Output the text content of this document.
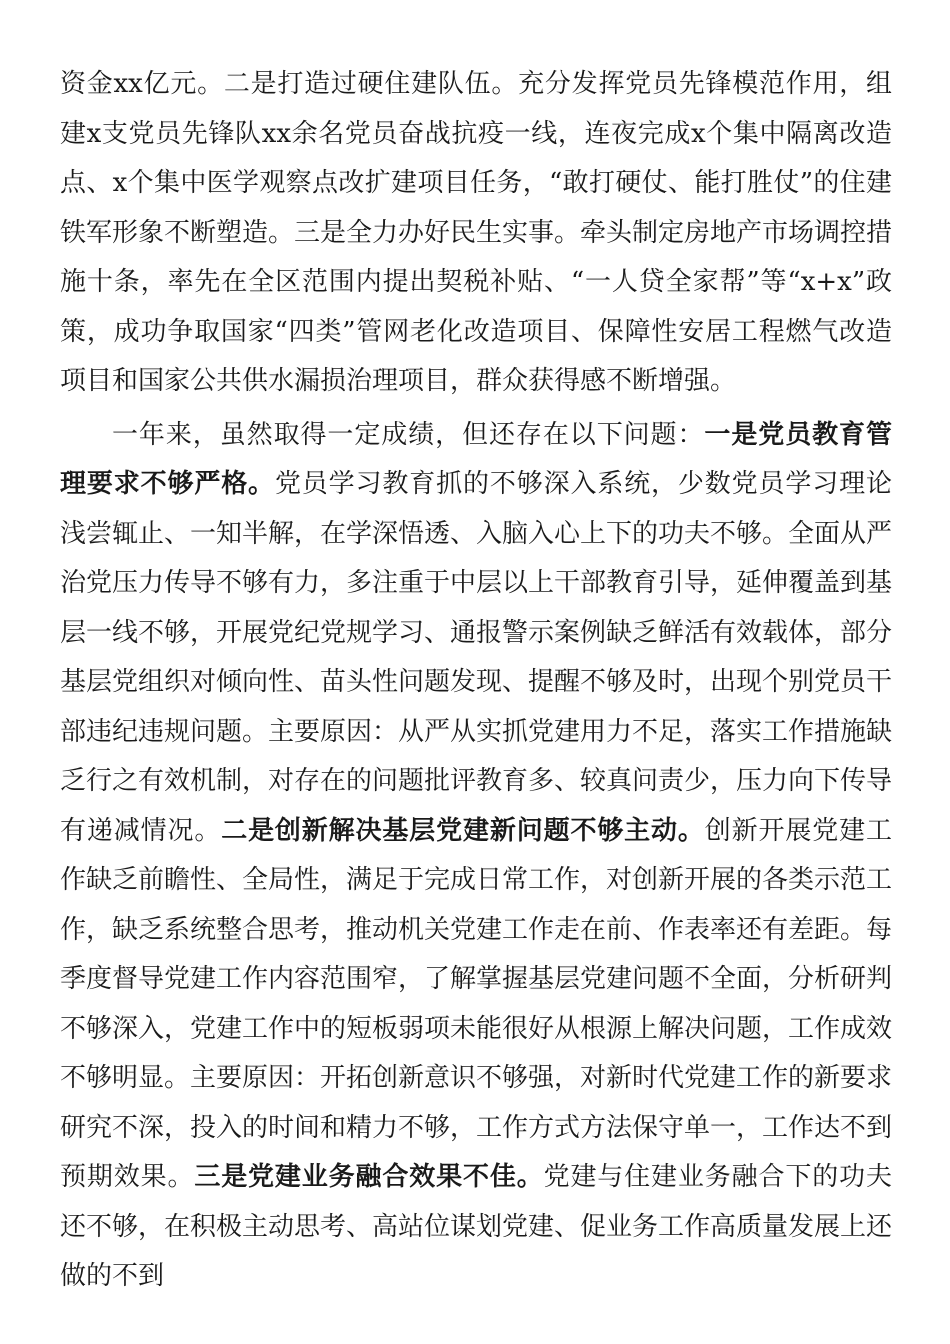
资金xx亿元。二是打造过硬住建队伍。充分发挥党员先锋模范作用，组建x支党员先锋队xx余名党员奋战抗疫一线，连夜完成x个集中隔离改造点、x个集中医学观察点改扩建项目任务，“敢打硬仗、能打胜仗”的住建铁军形象不断塑造。三是全力办好民生实事。牵头制定房地产市场调控措施十条，率先在全区范围内提出契税补贴、“一人贷全家帮”等“x+x”政策，成功争取国家“四类”管网老化改造项目、保障性安居工程燃气改造项目和国家公共供水漏损治理项目，群众获得感不断增强。

一年来，虽然取得一定成绩，但还存在以下问题：一是党员教育管理要求不够严格。党员学习教育抓的不够深入系统，少数党员学习理论浅尝辄止、一知半解，在学深悟透、入脑入心上下的功夫不够。全面从严治党压力传导不够有力，多注重于中层以上干部教育引导，延伸覆盖到基层一线不够，开展党纪党规学习、通报警示案例缺乏鲜活有效载体，部分基层党组织对倾向性、苗头性问题发现、提醒不够及时，出现个别党员干部违纪违规问题。主要原因：从严从实抓党建用力不足，落实工作措施缺乏行之有效机制，对存在的问题批评教育多、较真问责少，压力向下传导有递减情况。二是创新解决基层党建新问题不够主动。创新开展党建工作缺乏前瞻性、全局性，满足于完成日常工作，对创新开展的各类示范工作，缺乏系统整合思考，推动机关党建工作走在前、作表率还有差距。每季度督导党建工作内容范围窄，了解掌握基层党建问题不全面，分析研判不够深入，党建工作中的短板弱项未能很好从根源上解决问题，工作成效不够明显。主要原因：开拓创新意识不够强，对新时代党建工作的新要求研究不深，投入的时间和精力不够，工作方式方法保守单一，工作达不到预期效果。三是党建业务融合效果不佳。党建与住建业务融合下的功夫还不够，在积极主动思考、高站位谋划党建、促业务工作高质量发展上还做的不到
